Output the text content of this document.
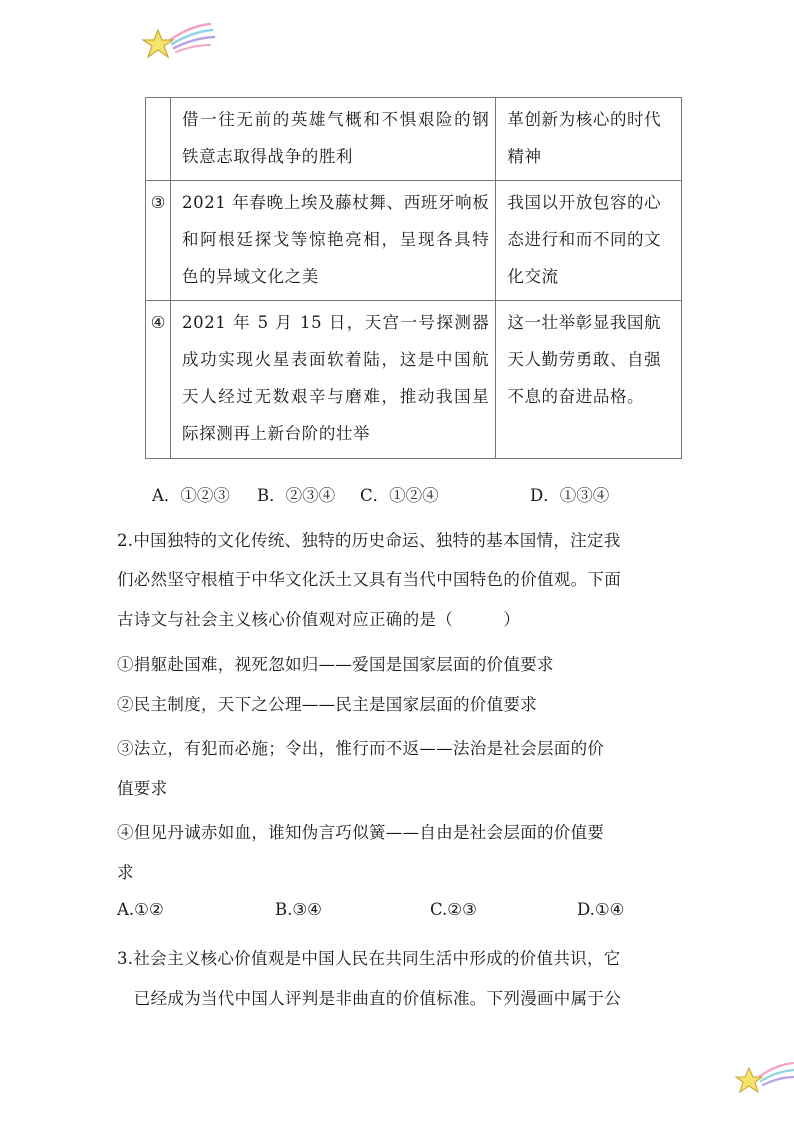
	借一往无前的英雄气概和不惧艰险的钢铁意志取得战争的胜利	革创新为核心的时代精神
③	2021 年春晚上埃及藤杖舞、西班牙响板和阿根廷探戈等惊艳亮相，呈现各具特色的异域文化之美	我国以开放包容的心态进行和而不同的文化交流
④	2021 年 5 月 15 日，天宫一号探测器成功实现火星表面软着陆，这是中国航天人经过无数艰辛与磨难，推动我国星际探测再上新台阶的壮举	这一壮举彰显我国航天人勤劳勇敢、自强不息的奋进品格。
A．①②③ B．②③④ C．①②④	D．①③④
2.中国独特的文化传统、独特的历史命运、独特的基本国情，注定我
们必然坚守根植于中华文化沃土又具有当代中国特色的价值观。下面
古诗文与社会主义核心价值观对应正确的是（　　　）
①捐躯赴国难，视死忽如归——爱国是国家层面的价值要求
②民主制度，天下之公理——民主是国家层面的价值要求
③法立，有犯而必施；令出，惟行而不返——法治是社会层面的价
值要求
④但见丹诚赤如血，谁知伪言巧似簧——自由是社会层面的价值要
求
A.①②	B.③④	C.②③	D.①④
3.社会主义核心价值观是中国人民在共同生活中形成的价值共识，它
　已经成为当代中国人评判是非曲直的价值标准。下列漫画中属于公
